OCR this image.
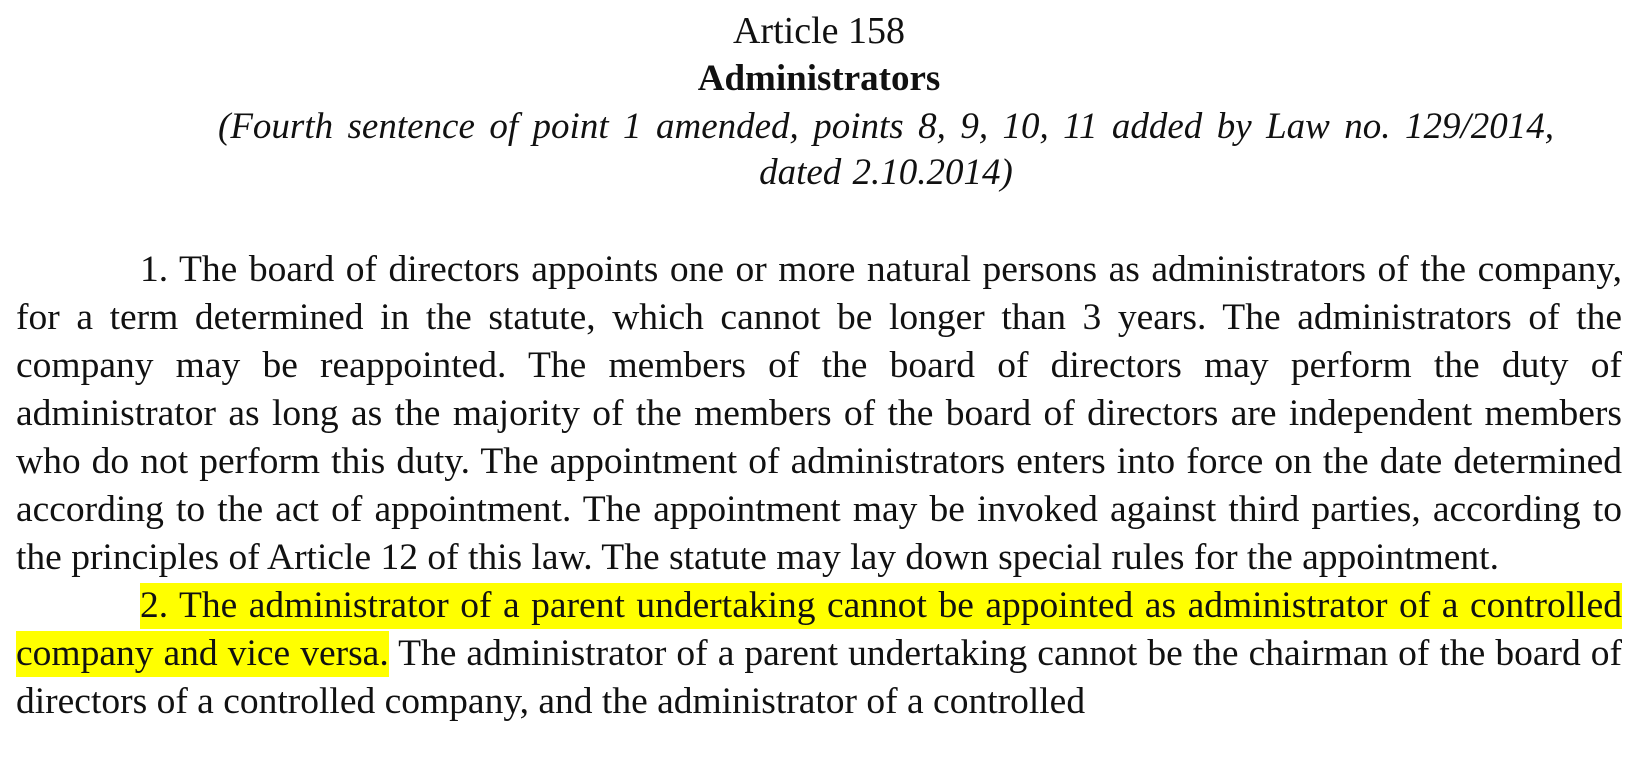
Article 158
Administrators
(Fourth sentence of point 1 amended, points 8, 9, 10, 11 added by Law no. 129/2014, dated 2.10.2014)

1. The board of directors appoints one or more natural persons as administrators of the company, for a term determined in the statute, which cannot be longer than 3 years. The administrators of the company may be reappointed. The members of the board of directors may perform the duty of administrator as long as the majority of the members of the board of directors are independent members who do not perform this duty. The appointment of administrators enters into force on the date determined according to the act of appointment. The appointment may be invoked against third parties, according to the principles of Article 12 of this law. The statute may lay down special rules for the appointment.

2. The administrator of a parent undertaking cannot be appointed as administrator of a controlled company and vice versa. The administrator of a parent undertaking cannot be the chairman of the board of directors of a controlled company, and the administrator of a controlled
